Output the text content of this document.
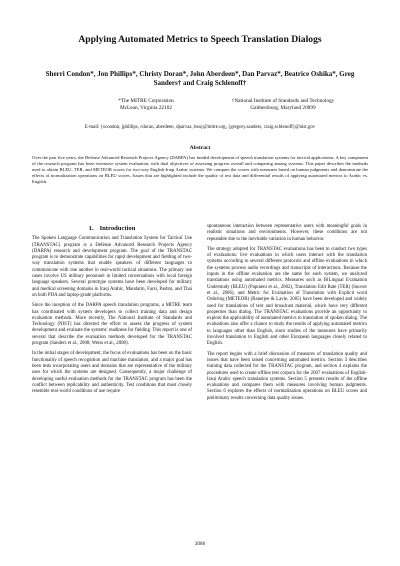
Applying Automated Metrics to Speech Translation Dialogs
Sherri Condon*, Jon Phillips*, Christy Doran*, John Aberdeen*, Dan Parvaz*, Beatrice Oshika*, Greg Sanders† and Craig Schlenoff†
*The MITRE Corporation
McLean, Virginia 22102
†National Institute of Standards and Technology
Gaithersburg, Maryland 20899
E-mail: {scondon, jphillips, cdoran, aberdeen, dparvaz, bea}@mitre.org, {gregory.sanders, craig.schlenoff}@nist.gov
Abstract
Over the past five years, the Defense Advanced Research Projects Agency (DARPA) has funded development of speech translation systems for tactical applications. A key component of the research program has been extensive system evaluation, with dual objectives of assessing progress overall and comparing among systems. This paper describes the methods used to obtain BLEU, TER, and METEOR scores for two-way English-Iraqi Arabic systems. We compare the scores with measures based on human judgments and demonstrate the effects of normalization operations on BLEU scores. Issues that are highlighted include the quality of test data and differential results of applying automated metrics to Arabic vs. English.
1. Introduction

The Spoken Language Communication and Translation System for Tactical Use (TRANSTAC) program is a Defense Advanced Research Projects Agency (DARPA) research and development program. The goal of the TRANSTAC program is to demonstrate capabilities for rapid development and fielding of two-way translation systems that enable speakers of different languages to communicate with one another in real-world tactical situations. The primary use cases involve US military personnel in limited conversations with local foreign language speakers. Several prototype systems have been developed for military and medical screening domains in Iraqi Arabic, Mandarin, Farsi, Pashto, and Thai on both PDA and laptop-grade platforms.

Since the inception of the DARPA speech translation programs, a MITRE team has coordinated with system developers to collect training data and design evaluation methods. More recently, The National Institute of Standards and Technology (NIST) has directed the effort to assess the progress of system development and evaluate the systems' readiness for fielding. This report is one of several that describe the evaluation methods developed for the TRANSTAC program (Sanders et al., 2008; Weiss et al., 2008).

In the initial stages of development, the focus of evaluations has been on the basic functionality of speech recognition and machine translation, and a major goal has been tests incorporating users and domains that are representative of the military uses for which the systems are designed. Consequently, a major challenge of developing useful evaluation methods for the TRANSTAC program has been the conflict between replicability and authenticity. Test conditions that most closely resemble real-world conditions of use require

spontaneous interaction between representative users with meaningful goals in realistic situations and environments. However, these conditions are not repeatable due to the inevitable variation in human behavior.

The strategy adopted for TRANSTAC evaluations has been to conduct two types of evaluations: live evaluations in which users interact with the translation systems according to several different protocols and offline evaluations in which the systems process audio recordings and transcripts of interactions. Because the inputs in the offline evaluation are the same for each system, we analyzed translations using automated metrics. Measures such as BiLingual Evaluation Understudy (BLEU) (Papineni et al., 2002), Translation Edit Rate (TER) (Snover et al., 2006), and Metric for Evaluation of Translation with Explicit word Ordering (METEOR) (Banerjee & Lavie, 2005) have been developed and widely used for translations of text and broadcast material, which have very different properties than dialog. The TRANSTAC evaluations provide an opportunity to explore the applicability of automated metrics to translation of spoken dialog. The evaluations also offer a chance to study the results of applying automated metrics to languages other than English, since studies of the measures have primarily involved translation to English and other European languages closely related to English.

The report begins with a brief discussion of measures of translation quality and issues that have been raised concerning automated metrics. Section 3 describes training data collected for the TRANSTAC program, and section 4 explains the procedures used to create offline test corpora for the 2007 evaluations of English-Iraqi Arabic speech translation systems. Section 5 presents results of the offline evaluations and compares them with measures involving human judgments. Section 6 explores the effects of normalization operations on BLEU scores and preliminary results concerning data quality issues.

2086
